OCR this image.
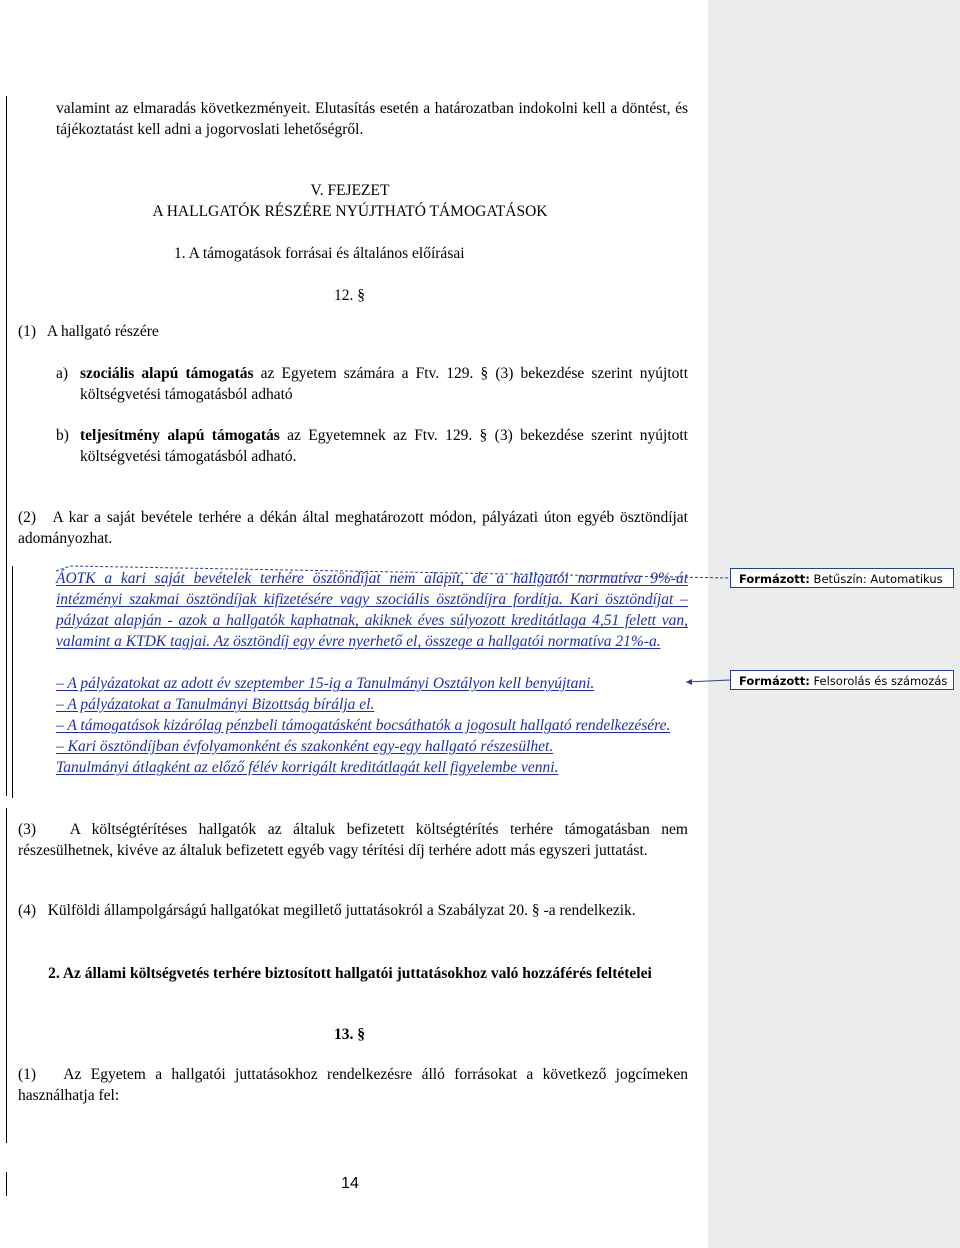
valamint az elmaradás következményeit. Elutasítás esetén a határozatban indokolni kell a döntést, és tájékoztatást kell adni a jogorvoslati lehetőségről.

V. FEJEZET

A HALLGATÓK RÉSZÉRE NYÚJTHATÓ TÁMOGATÁSOK

1. A támogatások forrásai és általános előírásai

12. §

(1)   A hallgató részére

a) szociális alapú támogatás az Egyetem számára a Ftv. 129. § (3) bekezdése szerint nyújtott költségvetési támogatásból adható

b) teljesítmény alapú támogatás az Egyetemnek az Ftv. 129. § (3) bekezdése szerint nyújtott költségvetési támogatásból adható.

(2)   A kar a saját bevétele terhére a dékán által meghatározott módon, pályázati úton egyéb ösztöndíjat adományozhat.

ÁOTK a kari saját bevételek terhére ösztöndíjat nem alapít, de a hallgatói normatíva 9%-át intézményi szakmai ösztöndíjak kifizetésére vagy szociális ösztöndíjra fordítja. Kari ösztöndíjat – pályázat alapján - azok a hallgatók kaphatnak, akiknek éves súlyozott kreditátlaga 4,51 felett van, valamint a KTDK tagjai. Az ösztöndíj egy évre nyerhető el, összege a hallgatói normatíva 21%-a.

– A pályázatokat az adott év szeptember 15-ig a Tanulmányi Osztályon kell benyújtani.

– A pályázatokat a Tanulmányi Bizottság bírálja el.

– A támogatások kizárólag pénzbeli támogatásként bocsáthatók a jogosult hallgató rendelkezésére.

– Kari ösztöndíjban évfolyamonként és szakonként egy-egy hallgató részesülhet.

Tanulmányi átlagként az előző félév korrigált kreditátlagát kell figyelembe venni.

(3)   A költségtérítéses hallgatók az általuk befizetett költségtérítés terhére támogatásban nem részesülhetnek, kivéve az általuk befizetett egyéb vagy térítési díj terhére adott más egyszeri juttatást.

(4)   Külföldi állampolgárságú hallgatókat megillető juttatásokról a Szabályzat 20. § -a rendelkezik.

2. Az állami költségvetés terhére biztosított hallgatói juttatásokhoz való hozzáférés feltételei

13. §

(1)   Az Egyetem a hallgatói juttatásokhoz rendelkezésre álló forrásokat a következő jogcímeken használhatja fel:

Formázott: Betűszín: Automatikus
Formázott: Felsorolás és számozás
14
